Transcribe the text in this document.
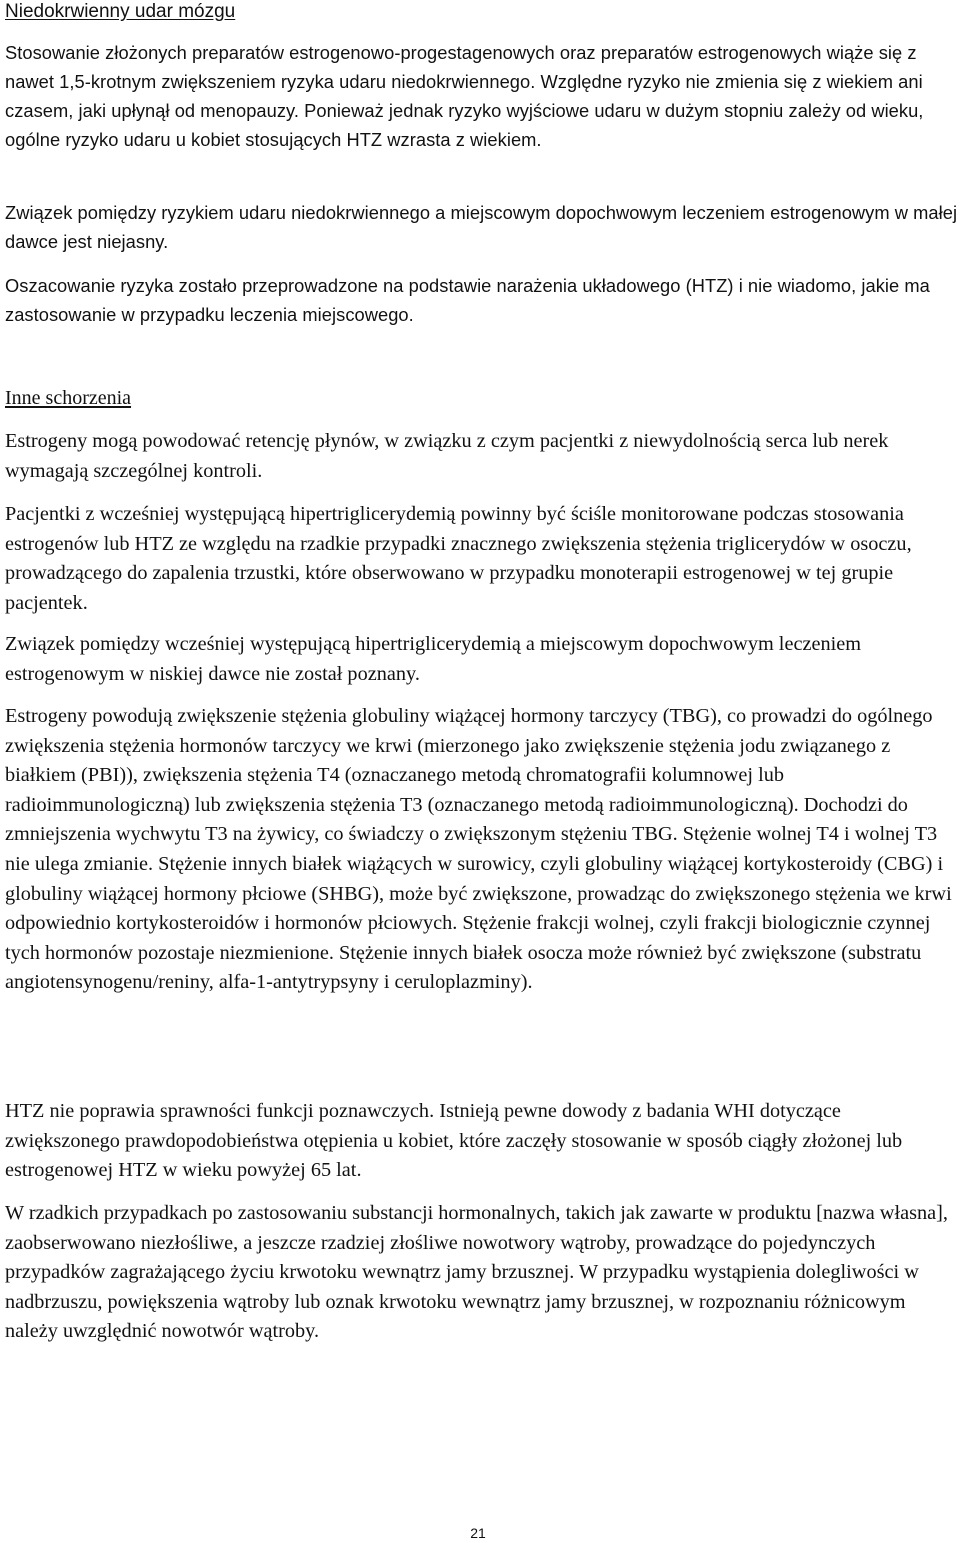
Niedokrwienny udar mózgu

Stosowanie złożonych preparatów estrogenowo-progestagenowych oraz preparatów estrogenowych wiąże się z nawet 1,5-krotnym zwiększeniem ryzyka udaru niedokrwiennego. Względne ryzyko nie zmienia się z wiekiem ani czasem, jaki upłynął od menopauzy. Ponieważ jednak ryzyko wyjściowe udaru w dużym stopniu zależy od wieku, ogólne ryzyko udaru u kobiet stosujących HTZ wzrasta z wiekiem.

Związek pomiędzy ryzykiem udaru niedokrwiennego a miejscowym dopochwowym leczeniem estrogenowym w małej dawce jest niejasny.

Oszacowanie ryzyka zostało przeprowadzone na podstawie narażenia układowego (HTZ) i nie wiadomo, jakie ma zastosowanie w przypadku leczenia miejscowego.

Inne schorzenia

Estrogeny mogą powodować retencję płynów, w związku z czym pacjentki z niewydolnością serca lub nerek wymagają szczególnej kontroli.

Pacjentki z wcześniej występującą hipertriglicerydemią powinny być ściśle monitorowane podczas stosowania estrogenów lub HTZ ze względu na rzadkie przypadki znacznego zwiększenia stężenia triglicerydów w osoczu, prowadzącego do zapalenia trzustki, które obserwowano w przypadku monoterapii estrogenowej w tej grupie pacjentek.

Związek pomiędzy wcześniej występującą hipertriglicerydemią a miejscowym dopochwowym leczeniem estrogenowym w niskiej dawce nie został poznany.

Estrogeny powodują zwiększenie stężenia globuliny wiążącej hormony tarczycy (TBG), co prowadzi do ogólnego zwiększenia stężenia hormonów tarczycy we krwi (mierzonego jako zwiększenie stężenia jodu związanego z białkiem (PBI)), zwiększenia stężenia T4 (oznaczanego metodą chromatografii kolumnowej lub radioimmunologiczną) lub zwiększenia stężenia T3 (oznaczanego metodą radioimmunologiczną). Dochodzi do zmniejszenia wychwytu T3 na żywicy, co świadczy o zwiększonym stężeniu TBG. Stężenie wolnej T4 i wolnej T3 nie ulega zmianie. Stężenie innych białek wiążących w surowicy, czyli globuliny wiążącej kortykosteroidy (CBG) i globuliny wiążącej hormony płciowe (SHBG), może być zwiększone, prowadząc do zwiększonego stężenia we krwi odpowiednio kortykosteroidów i hormonów płciowych. Stężenie frakcji wolnej, czyli frakcji biologicznie czynnej tych hormonów pozostaje niezmienione. Stężenie innych białek osocza może również być zwiększone (substratu angiotensynogenu/reniny, alfa-1-antytrypsyny i ceruloplazminy).

HTZ nie poprawia sprawności funkcji poznawczych. Istnieją pewne dowody z badania WHI dotyczące zwiększonego prawdopodobieństwa otępienia u kobiet, które zaczęły stosowanie w sposób ciągły złożonej lub estrogenowej HTZ w wieku powyżej 65 lat.

W rzadkich przypadkach po zastosowaniu substancji hormonalnych, takich jak zawarte w produktu [nazwa własna], zaobserwowano niezłośliwe, a jeszcze rzadziej złośliwe nowotwory wątroby, prowadzące do pojedynczych przypadków zagrażającego życiu krwotoku wewnątrz jamy brzusznej. W przypadku wystąpienia dolegliwości w nadbrzuszu, powiększenia wątroby lub oznak krwotoku wewnątrz jamy brzusznej, w rozpoznaniu różnicowym należy uwzględnić nowotwór wątroby.

21
